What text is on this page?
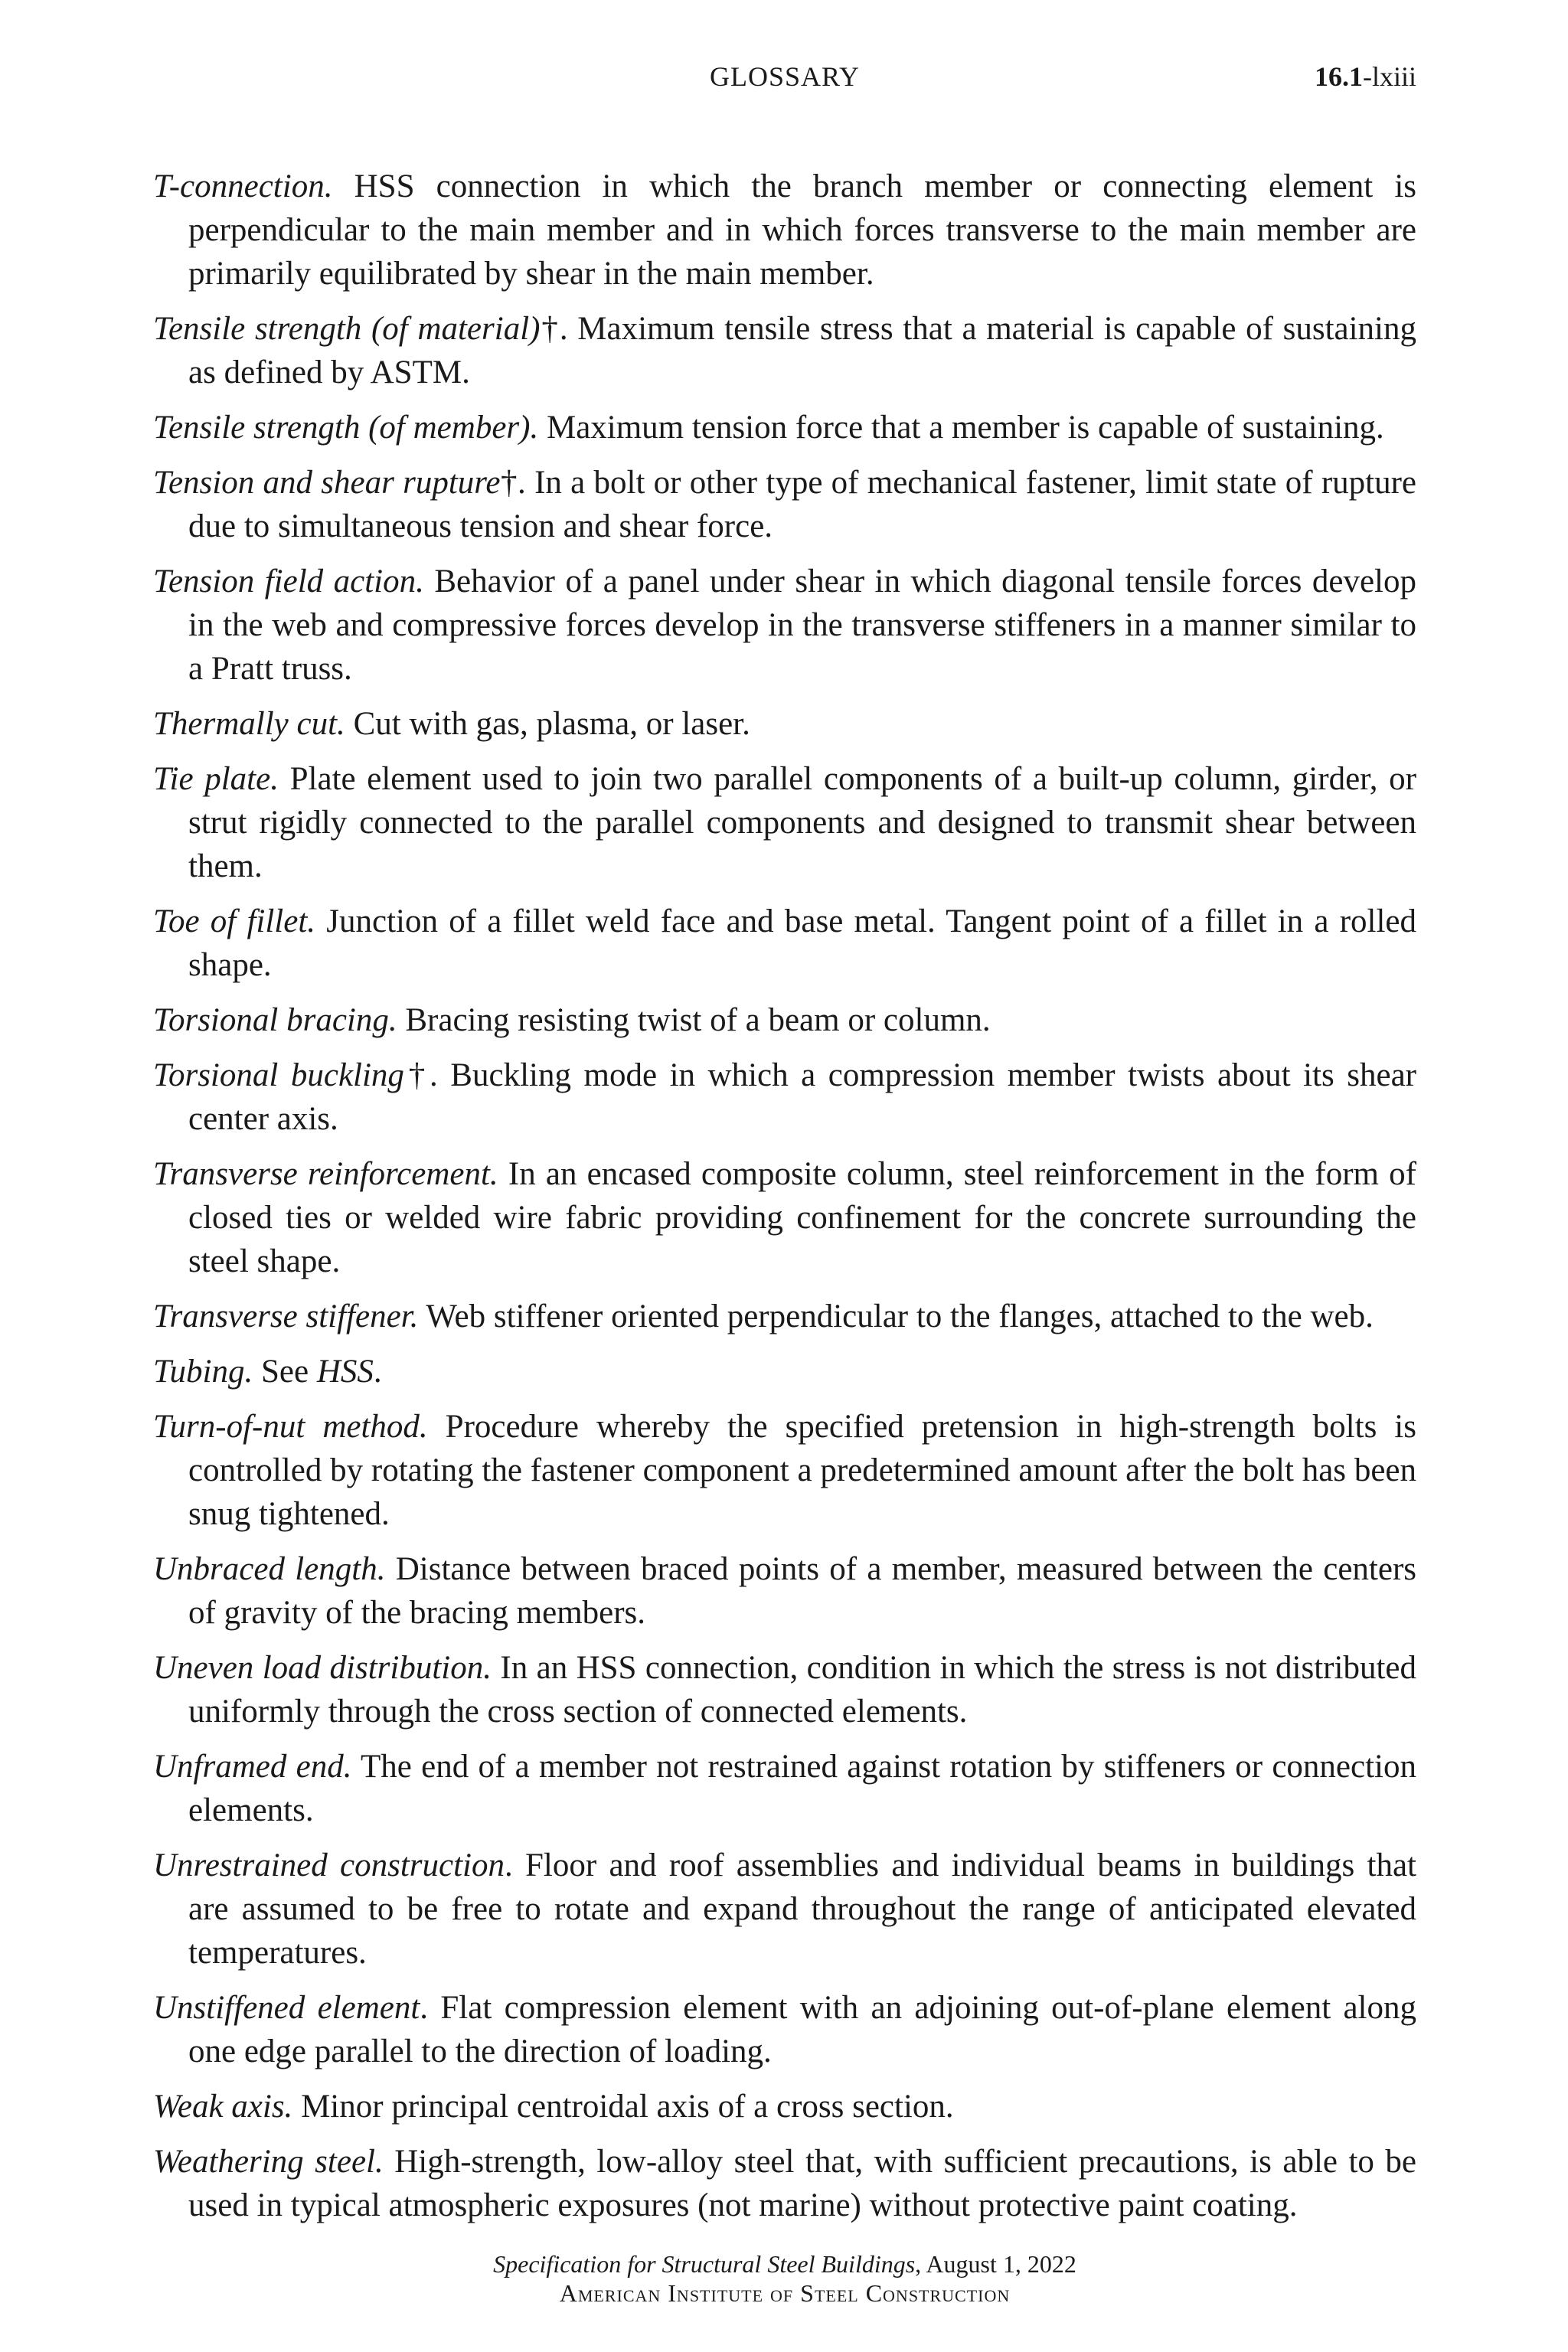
GLOSSARY	16.1-lxiii

T-connection. HSS connection in which the branch member or connecting element is perpendicular to the main member and in which forces transverse to the main member are primarily equilibrated by shear in the main member.

Tensile strength (of material)†. Maximum tensile stress that a material is capable of sustaining as defined by ASTM.

Tensile strength (of member). Maximum tension force that a member is capable of sustaining.

Tension and shear rupture†. In a bolt or other type of mechanical fastener, limit state of rupture due to simultaneous tension and shear force.

Tension field action. Behavior of a panel under shear in which diagonal tensile forces develop in the web and compressive forces develop in the transverse stiffeners in a manner similar to a Pratt truss.

Thermally cut. Cut with gas, plasma, or laser.

Tie plate. Plate element used to join two parallel components of a built-up column, girder, or strut rigidly connected to the parallel components and designed to transmit shear between them.

Toe of fillet. Junction of a fillet weld face and base metal. Tangent point of a fillet in a rolled shape.

Torsional bracing. Bracing resisting twist of a beam or column.

Torsional buckling†. Buckling mode in which a compression member twists about its shear center axis.

Transverse reinforcement. In an encased composite column, steel reinforcement in the form of closed ties or welded wire fabric providing confinement for the concrete surrounding the steel shape.

Transverse stiffener. Web stiffener oriented perpendicular to the flanges, attached to the web.

Tubing. See HSS.

Turn-of-nut method. Procedure whereby the specified pretension in high-strength bolts is controlled by rotating the fastener component a predetermined amount after the bolt has been snug tightened.

Unbraced length. Distance between braced points of a member, measured between the centers of gravity of the bracing members.

Uneven load distribution. In an HSS connection, condition in which the stress is not distributed uniformly through the cross section of connected elements.

Unframed end. The end of a member not restrained against rotation by stiffeners or connection elements.

Unrestrained construction. Floor and roof assemblies and individual beams in buildings that are assumed to be free to rotate and expand throughout the range of anticipated elevated temperatures.

Unstiffened element. Flat compression element with an adjoining out-of-plane element along one edge parallel to the direction of loading.

Weak axis. Minor principal centroidal axis of a cross section.

Weathering steel. High-strength, low-alloy steel that, with sufficient precautions, is able to be used in typical atmospheric exposures (not marine) without protective paint coating.

Specification for Structural Steel Buildings, August 1, 2022
American Institute of Steel Construction
